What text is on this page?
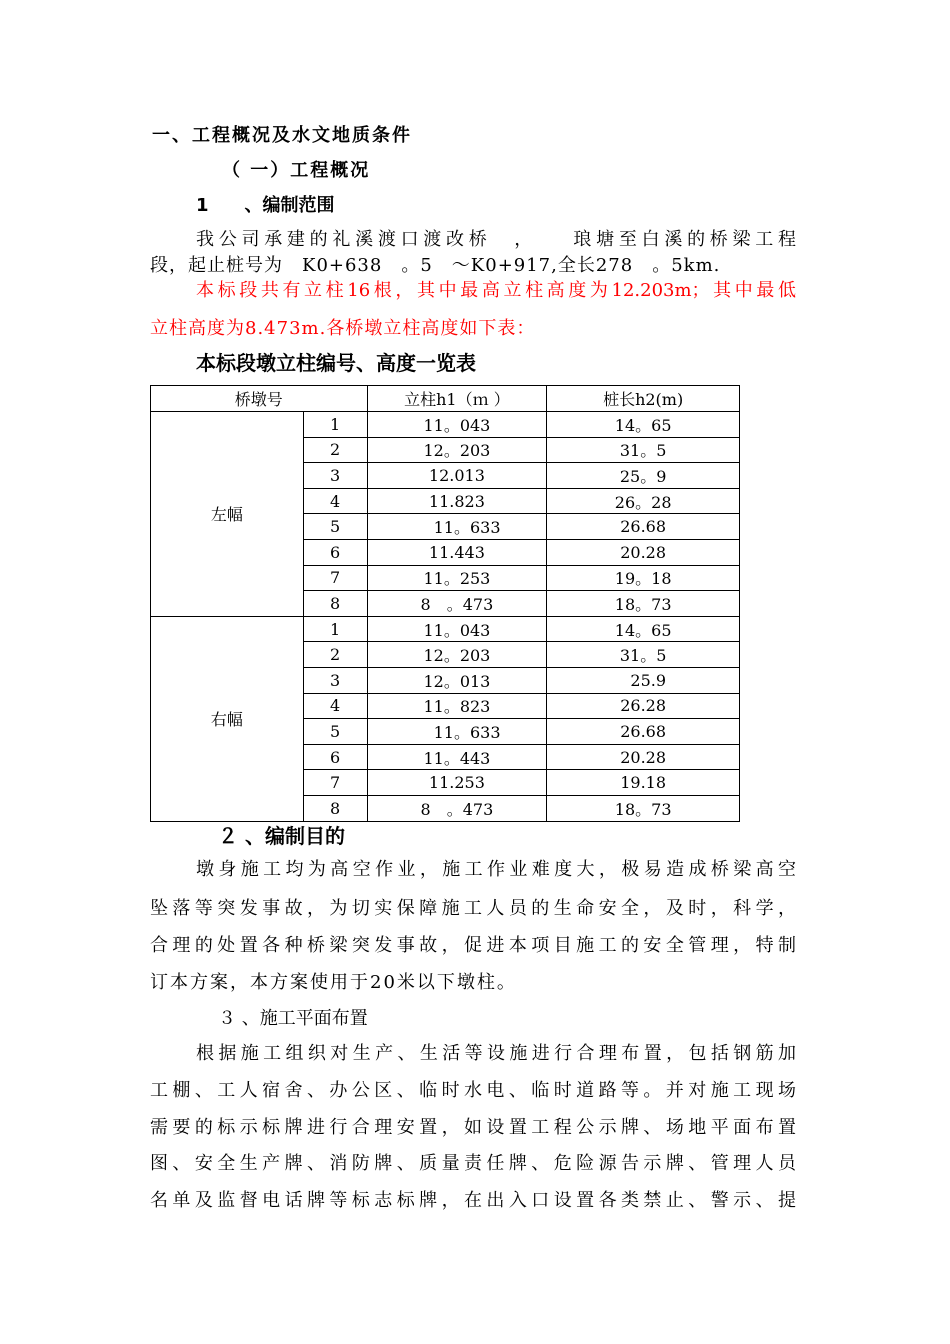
一、工程概况及水文地质条件
（ 一）工程概况
1　　、编制范围
我公司承建的礼溪渡口渡改桥　，　　琅塘至白溪的桥梁工程
段，起止桩号为　K0+638　。5　～K0+917,全长278　。5km.
本标段共有立柱16根，其中最高立柱高度为12.203m；其中最低
立柱高度为8.473m.各桥墩立柱高度如下表：
本标段墩立柱编号、高度一览表
桥墩号		立柱h1（ｍ ）	桩长h2(m)
左幅	1	11。043	14。65
	2	12。203	31。5
	3	12.013	25。9
	4	11.823	26。28
	5	11。633	26.68
	6	11.443	20.28
	7	11。253	19。18
	8	8　。473	18。73
右幅	1	11。043	14。65
	2	12。203	31。5
	3	12。013	25.9
	4	11。823	26.28
	5	11。633	26.68
	6	11。443	20.28
	7	11.253	19.18
	8	8　。473	18。73
２ 、编制目的
墩身施工均为高空作业，施工作业难度大，极易造成桥梁高空
坠落等突发事故，为切实保障施工人员的生命安全，及时，科学，
合理的处置各种桥梁突发事故，促进本项目施工的安全管理，特制
订本方案，本方案使用于20米以下墩柱。
３ 、施工平面布置
根据施工组织对生产、生活等设施进行合理布置，包括钢筋加
工棚、工人宿舍、办公区、临时水电、临时道路等。并对施工现场
需要的标示标牌进行合理安置，如设置工程公示牌、场地平面布置
图、安全生产牌、消防牌、质量责任牌、危险源告示牌、管理人员
名单及监督电话牌等标志标牌，在出入口设置各类禁止、警示、提
